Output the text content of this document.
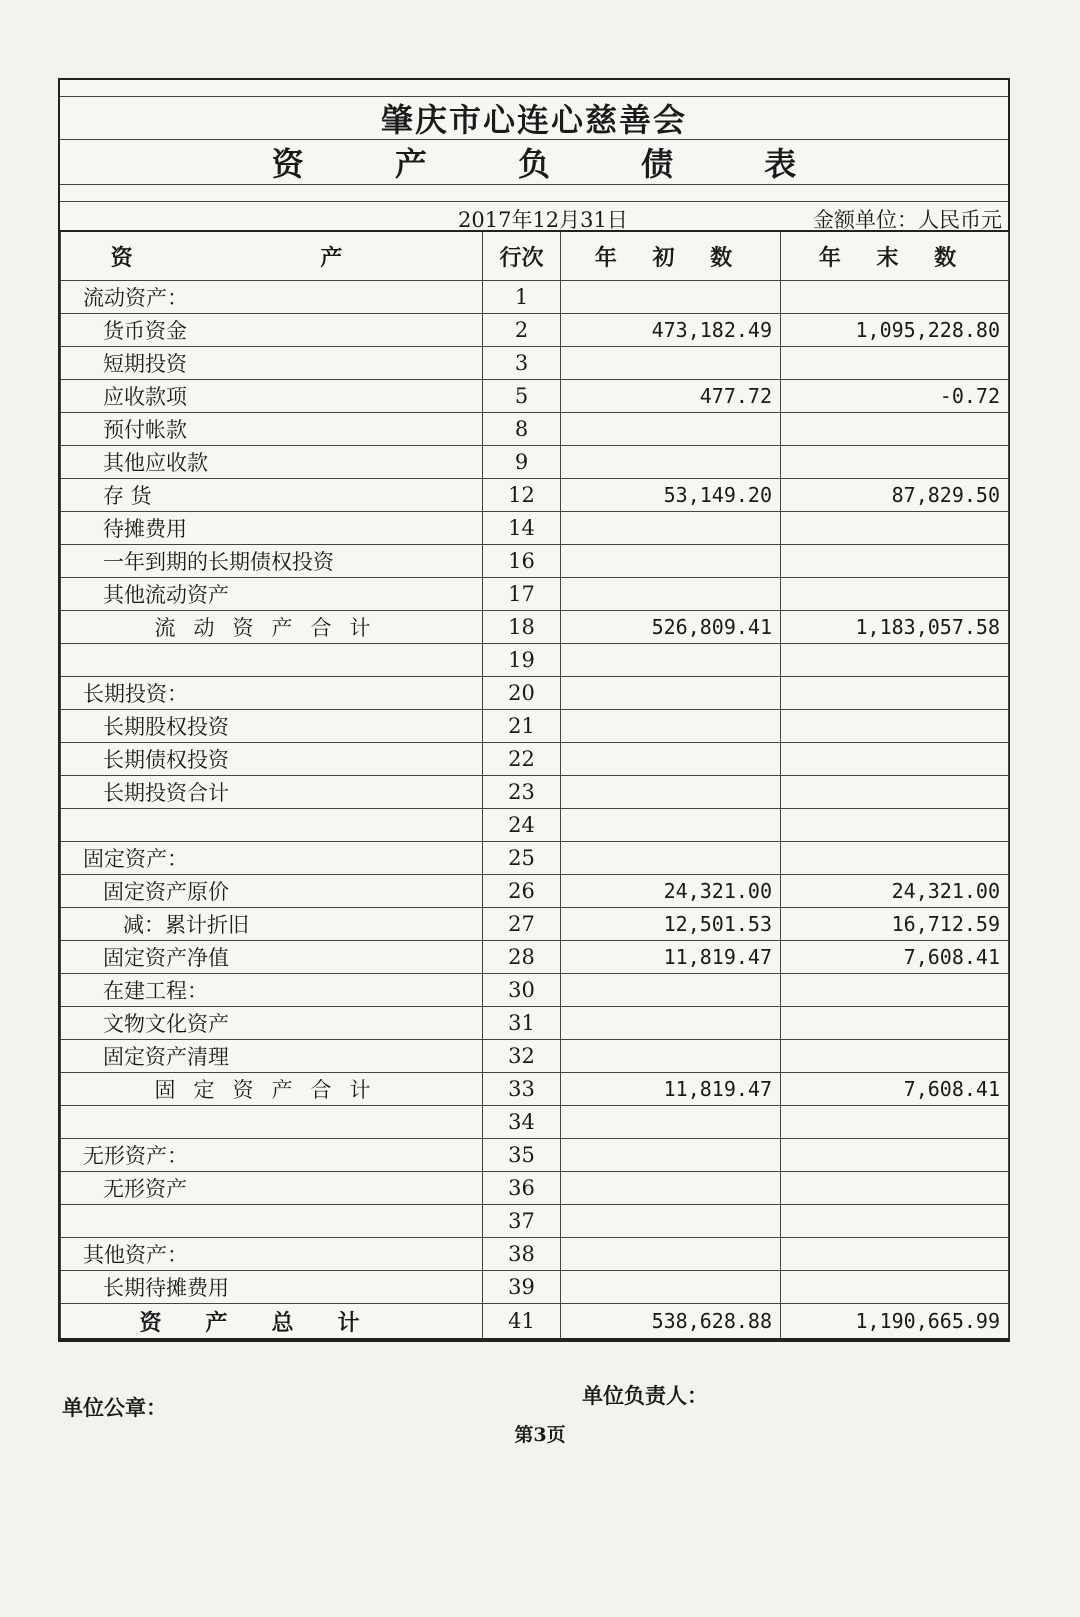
肇庆市心连心慈善会
资 产 负 债 表
2017年12月31日	金额单位：人民币元
资 产	行次	年 初 数	年 末 数
流动资产：	1		
货币资金	2	473,182.49	1,095,228.80
短期投资	3		
应收款项	5	477.72	-0.72
预付帐款	8		
其他应收款	9		
存 货	12	53,149.20	87,829.50
待摊费用	14		
一年到期的长期债权投资	16		
其他流动资产	17		
流动资产合计	18	526,809.41	1,183,057.58
	19		
长期投资：	20		
长期股权投资	21		
长期债权投资	22		
长期投资合计	23		
	24		
固定资产：	25		
固定资产原价	26	24,321.00	24,321.00
减：累计折旧	27	12,501.53	16,712.59
固定资产净值	28	11,819.47	7,608.41
在建工程：	30		
文物文化资产	31		
固定资产清理	32		
固定资产合计	33	11,819.47	7,608.41
	34		
无形资产：	35		
无形资产	36		
	37		
其他资产：	38		
长期待摊费用	39		
资产总计	41	538,628.88	1,190,665.99
单位公章：	单位负责人：
第3页
